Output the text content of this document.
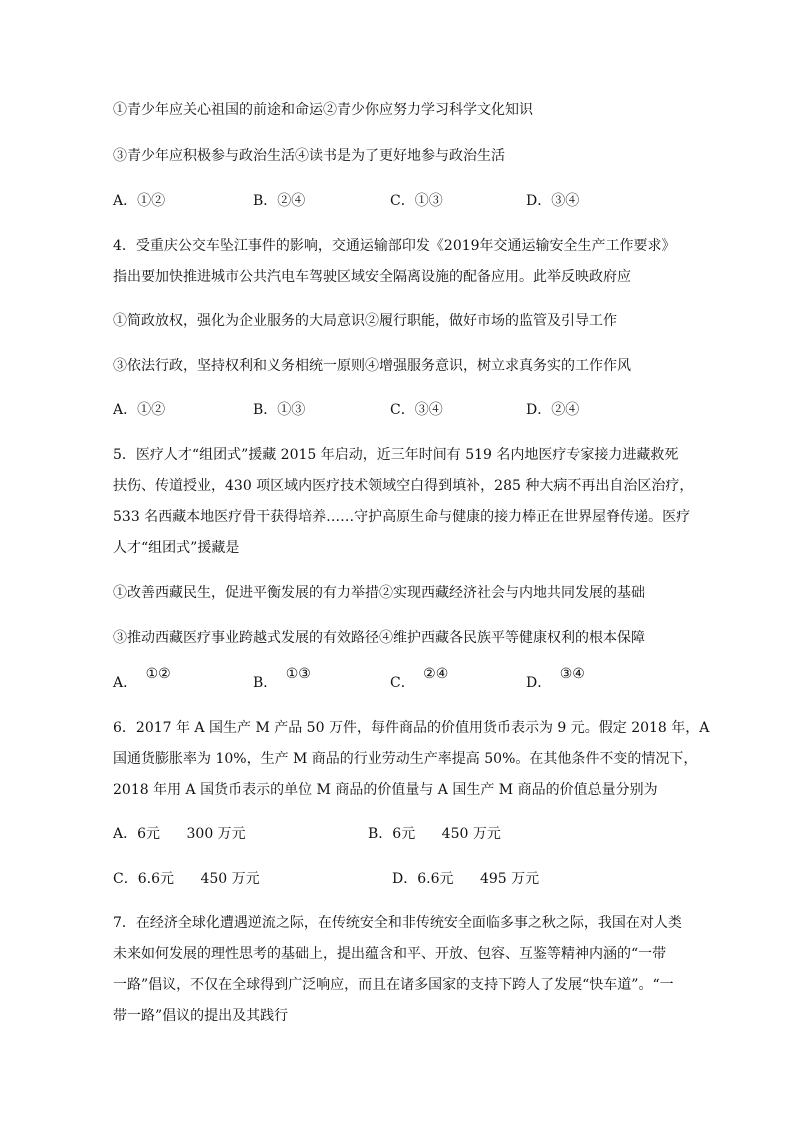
①青少年应关心祖国的前途和命运②青少你应努力学习科学文化知识
③青少年应积极参与政治生活④读书是为了更好地参与政治生活
A．①②	B．②④	C．①③	D．③④
4．受重庆公交车坠江事件的影响，交通运输部印发《2019年交通运输安全生产工作要求》
指出要加快推进城市公共汽电车驾驶区域安全隔离设施的配备应用。此举反映政府应
①简政放权，强化为企业服务的大局意识②履行职能，做好市场的监管及引导工作
③依法行政，坚持权利和义务相统一原则④增强服务意识，树立求真务实的工作作风
A．①②	B．①③	C．③④	D．②④
5．医疗人才“组团式”援藏 2015 年启动，近三年时间有 519 名内地医疗专家接力进藏救死
扶伤、传道授业，430 项区域内医疗技术领域空白得到填补，285 种大病不再出自治区治疗，
533 名西藏本地医疗骨干获得培养……守护高原生命与健康的接力棒正在世界屋脊传递。医疗
人才“组团式”援藏是
①改善西藏民生，促进平衡发展的有力举措②实现西藏经济社会与内地共同发展的基础
③推动西藏医疗事业跨越式发展的有效路径④维护西藏各民族平等健康权利的根本保障
A． ①②
B． ①③
C． ②④
D． ③④
6．2017 年 A 国生产 M 产品 50 万件，每件商品的价值用货币表示为 9 元。假定 2018 年，A
国通货膨胀率为 10%，生产 M 商品的行业劳动生产率提高 50%。在其他条件不变的情况下，
2018 年用 A 国货币表示的单位 M 商品的价值量与 A 国生产 M 商品的价值总量分别为
A．6元 300 万元	B．6元 450 万元
C．6.6元 450 万元	D．6.6元 495 万元
7．在经济全球化遭遇逆流之际，在传统安全和非传统安全面临多事之秋之际，我国在对人类
未来如何发展的理性思考的基础上，提出蕴含和平、开放、包容、互鉴等精神内涵的“一带
一路”倡议，不仅在全球得到广泛响应，而且在诸多国家的支持下跨人了发展“快车道”。“一
带一路”倡议的提出及其践行
